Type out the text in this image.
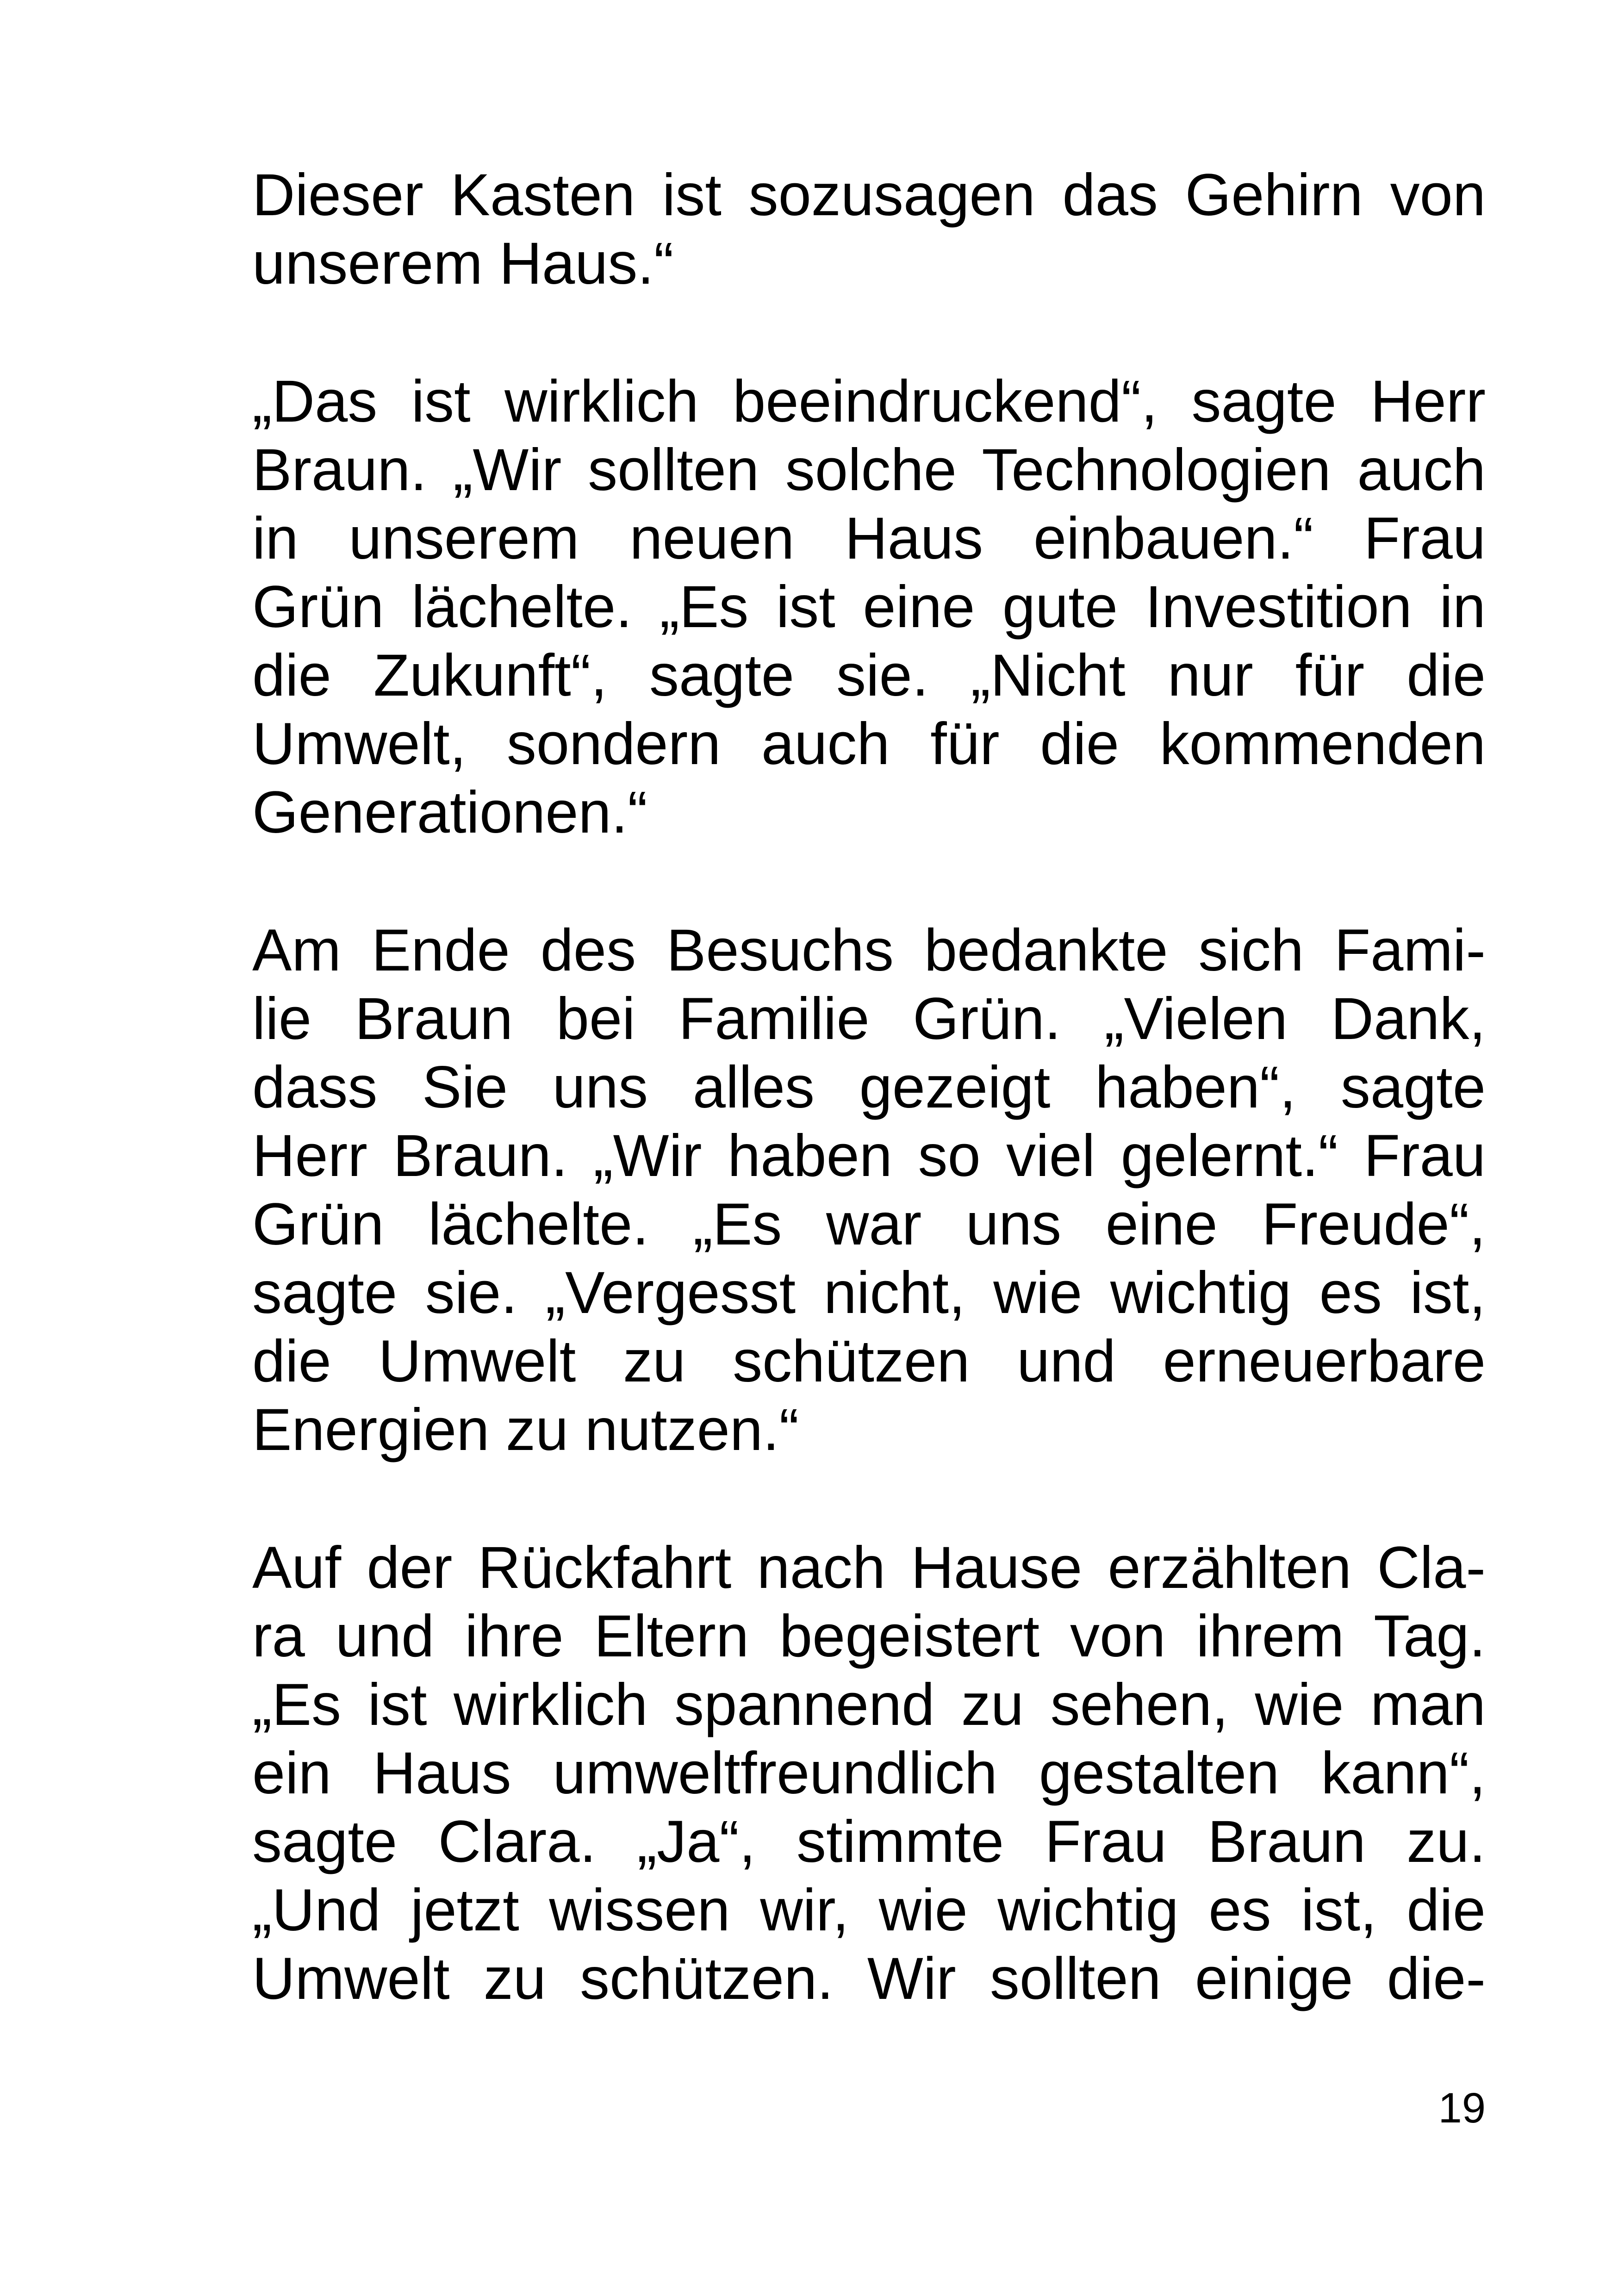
Dieser Kasten ist sozusagen das Gehirn von
unserem Haus.“

„Das ist wirklich beeindruckend“, sagte Herr
Braun. „Wir sollten solche Technologien auch
in unserem neuen Haus einbauen.“ Frau
Grün lächelte. „Es ist eine gute Investition in
die Zukunft“, sagte sie. „Nicht nur für die
Umwelt, sondern auch für die kommenden
Generationen.“

Am Ende des Besuchs bedankte sich Fami-
lie Braun bei Familie Grün. „Vielen Dank,
dass Sie uns alles gezeigt haben“, sagte
Herr Braun. „Wir haben so viel gelernt.“ Frau
Grün lächelte. „Es war uns eine Freude“,
sagte sie. „Vergesst nicht, wie wichtig es ist,
die Umwelt zu schützen und erneuerbare
Energien zu nutzen.“

Auf der Rückfahrt nach Hause erzählten Cla-
ra und ihre Eltern begeistert von ihrem Tag.
„Es ist wirklich spannend zu sehen, wie man
ein Haus umweltfreundlich gestalten kann“,
sagte Clara. „Ja“, stimmte Frau Braun zu.
„Und jetzt wissen wir, wie wichtig es ist, die
Umwelt zu schützen. Wir sollten einige die-

19
